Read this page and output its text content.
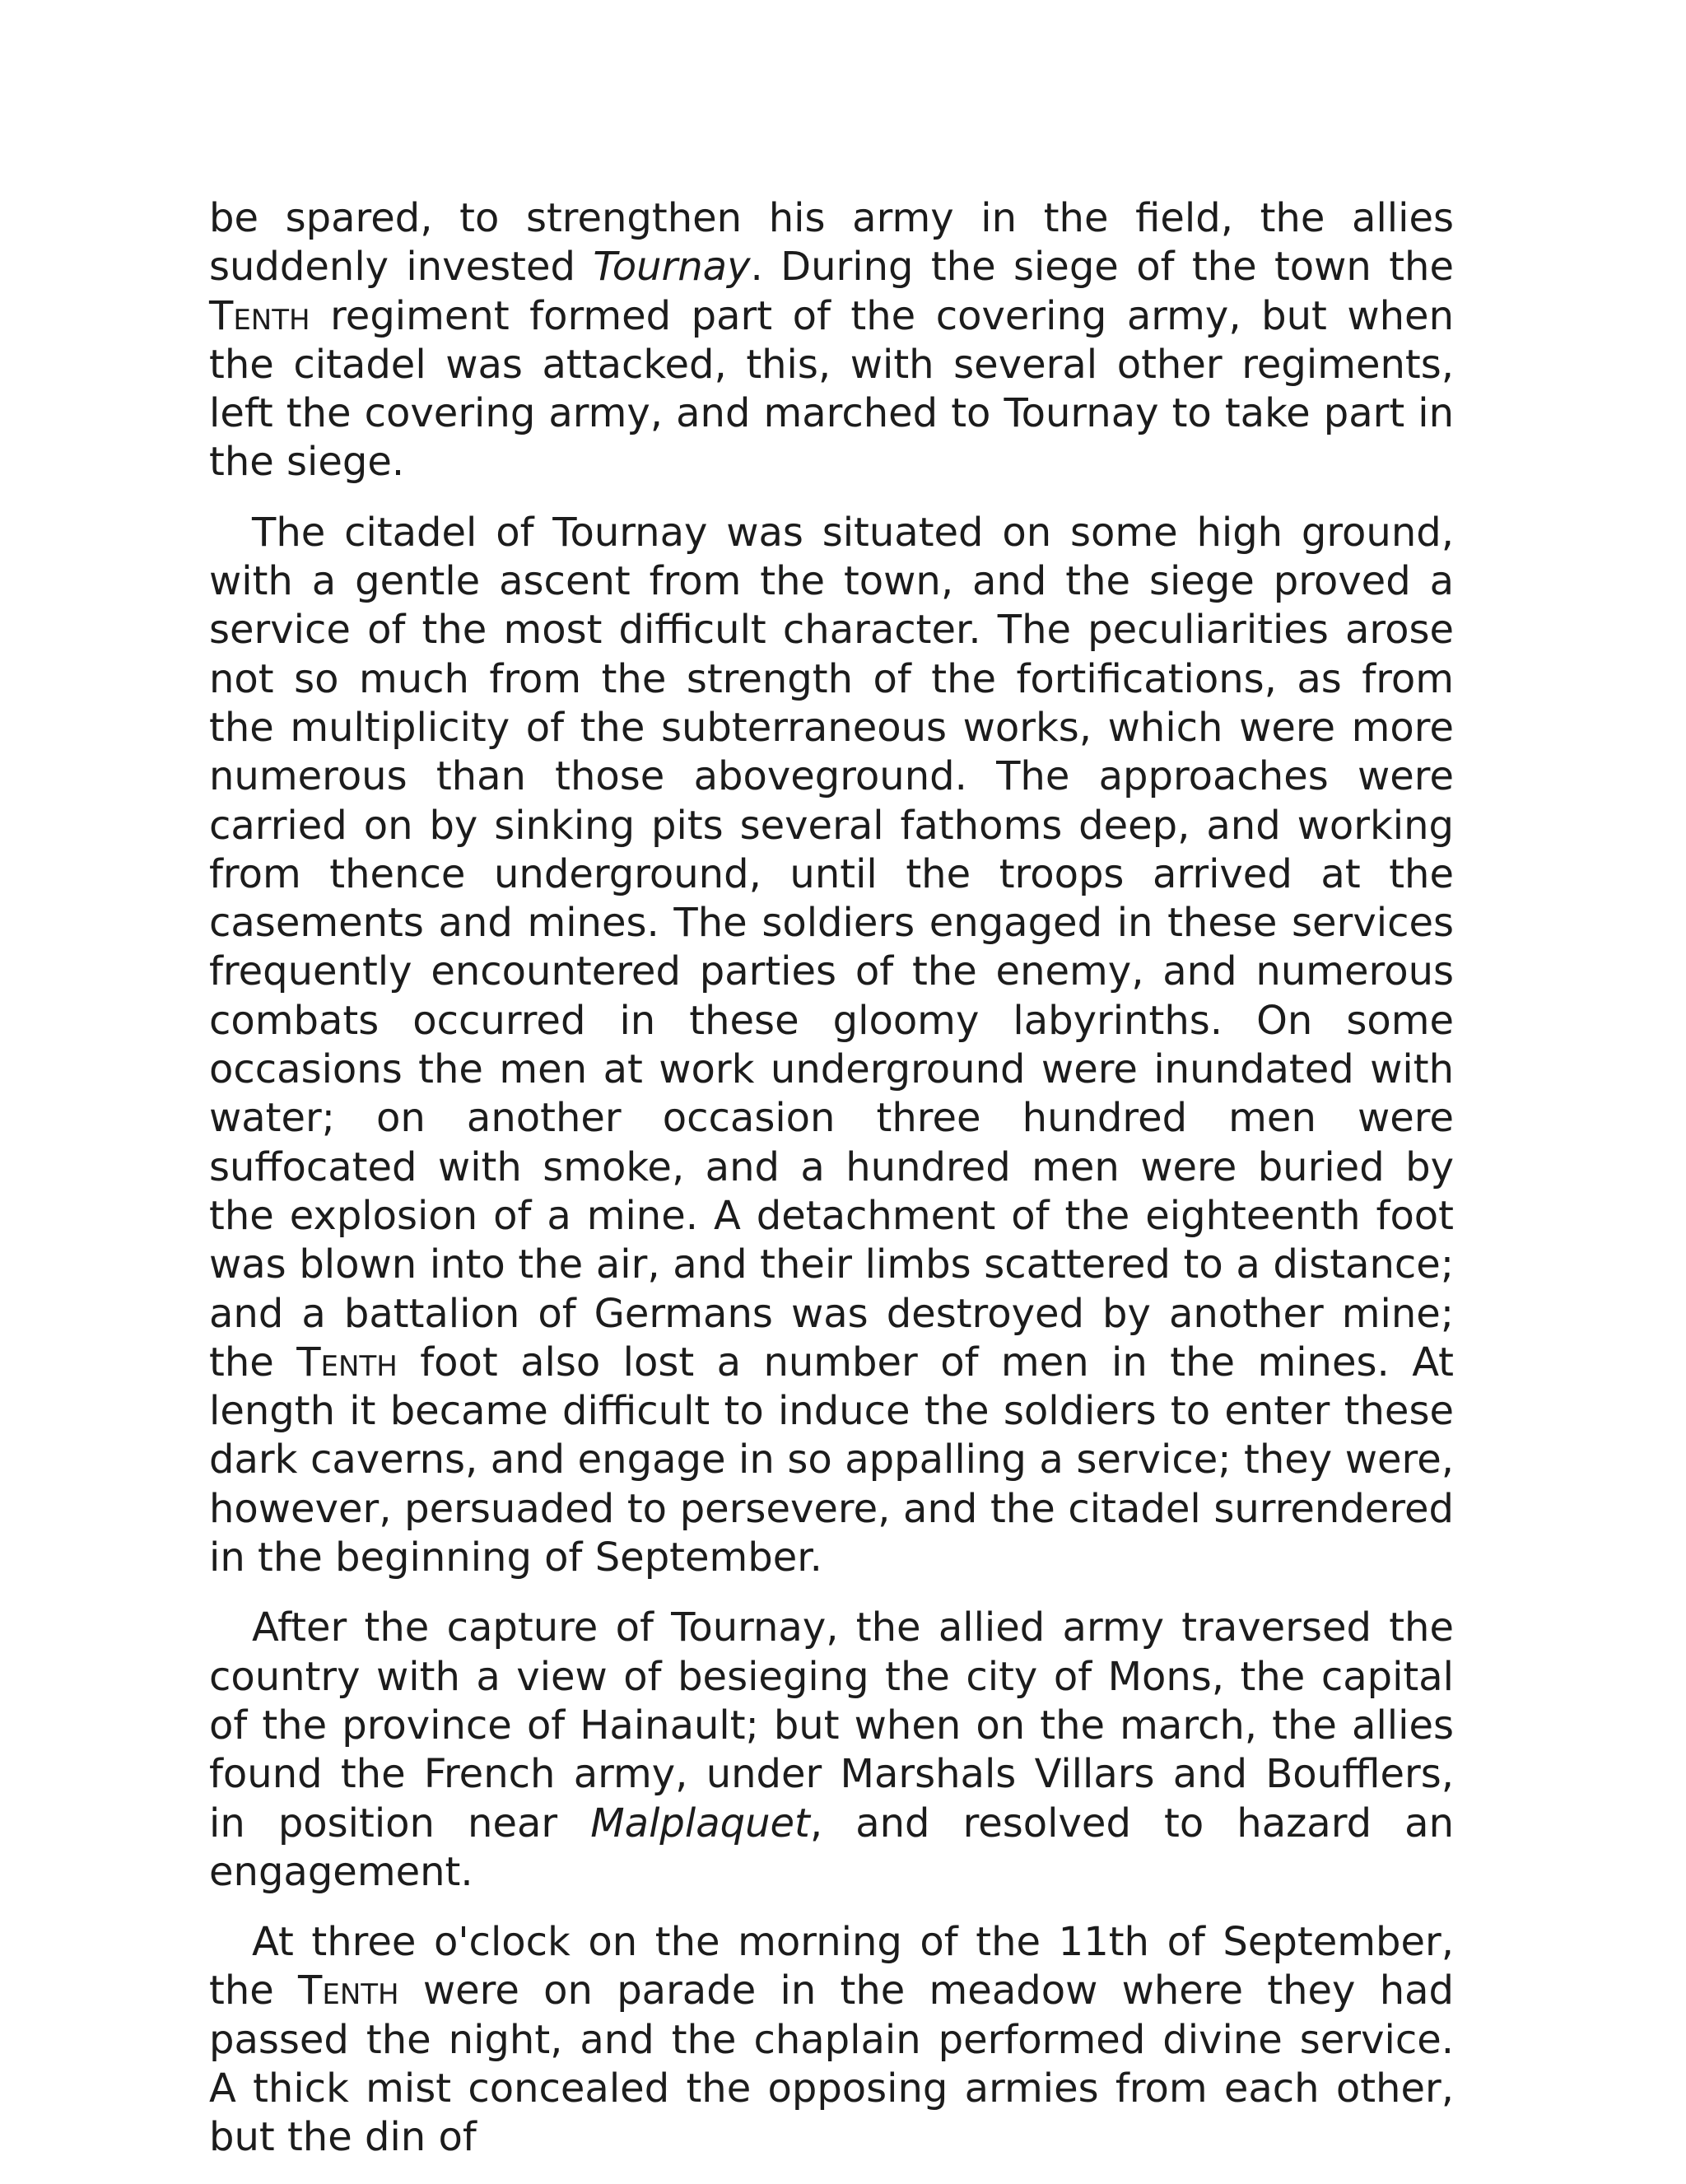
be spared, to strengthen his army in the field, the allies suddenly invested Tournay. During the siege of the town the Tenth regiment formed part of the covering army, but when the citadel was attacked, this, with several other regiments, left the covering army, and marched to Tournay to take part in the siege.

The citadel of Tournay was situated on some high ground, with a gentle ascent from the town, and the siege proved a service of the most difficult character. The peculiarities arose not so much from the strength of the fortifications, as from the multiplicity of the subterraneous works, which were more numerous than those aboveground. The approaches were carried on by sinking pits several fathoms deep, and working from thence underground, until the troops arrived at the casements and mines. The soldiers engaged in these services frequently encountered parties of the enemy, and numerous combats occurred in these gloomy labyrinths. On some occasions the men at work underground were inundated with water; on another occasion three hundred men were suffocated with smoke, and a hundred men were buried by the explosion of a mine. A detachment of the eighteenth foot was blown into the air, and their limbs scattered to a distance; and a battalion of Germans was destroyed by another mine; the Tenth foot also lost a number of men in the mines. At length it became difficult to induce the soldiers to enter these dark caverns, and engage in so appalling a service; they were, however, persuaded to persevere, and the citadel surrendered in the beginning of September.

After the capture of Tournay, the allied army traversed the country with a view of besieging the city of Mons, the capital of the province of Hainault; but when on the march, the allies found the French army, under Marshals Villars and Boufflers, in position near Malplaquet, and resolved to hazard an engagement.

At three o'clock on the morning of the 11th of September, the Tenth were on parade in the meadow where they had passed the night, and the chaplain performed divine service. A thick mist concealed the opposing armies from each other, but the din of
